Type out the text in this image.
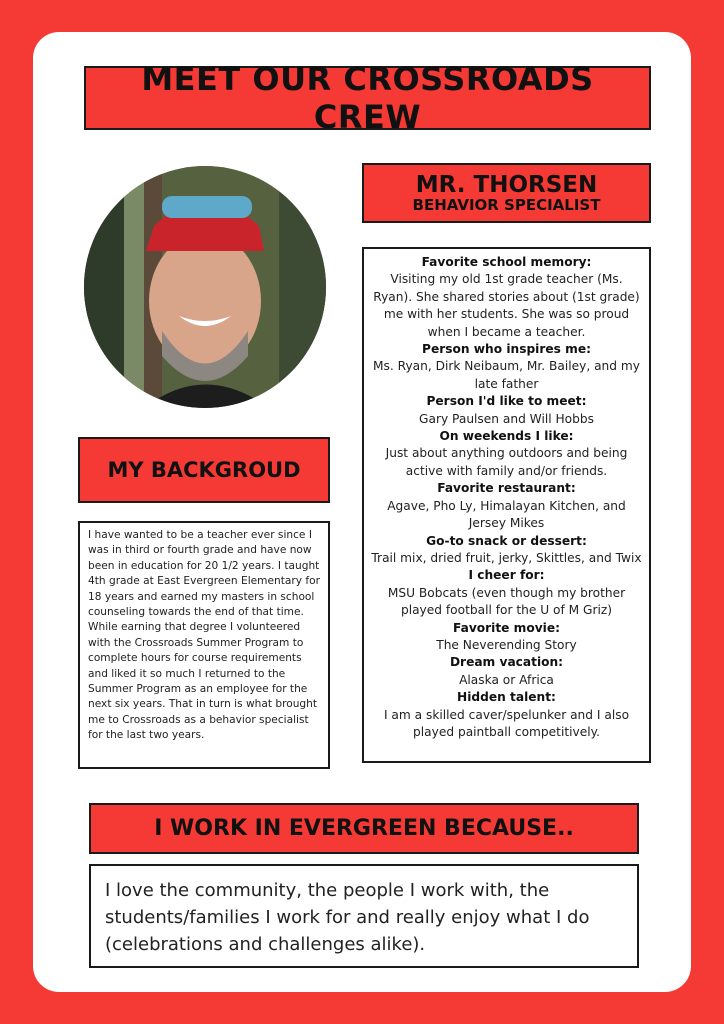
MEET OUR CROSSROADS CREW
MR. THORSEN
BEHAVIOR SPECIALIST
Favorite school memory:
Visiting my old 1st grade teacher (Ms. Ryan). She shared stories about (1st grade) me with her students. She was so proud when I became a teacher.
Person who inspires me:
Ms. Ryan, Dirk Neibaum, Mr. Bailey, and my late father
Person I'd like to meet:
Gary Paulsen and Will Hobbs
On weekends I like:
Just about anything outdoors and being active with family and/or friends.
Favorite restaurant:
Agave, Pho Ly, Himalayan Kitchen, and Jersey Mikes
Go-to snack or dessert:
Trail mix, dried fruit, jerky, Skittles, and Twix
I cheer for:
MSU Bobcats (even though my brother played football for the U of M Griz)
Favorite movie:
The Neverending Story
Dream vacation:
Alaska or Africa
Hidden talent:
I am a skilled caver/spelunker and I also played paintball competitively.
MY BACKGROUD
I have wanted to be a teacher ever since I was in third or fourth grade and have now been in education for 20 1/2 years. I taught 4th grade at East Evergreen Elementary for 18 years and earned my masters in school counseling towards the end of that time. While earning that degree I volunteered with the Crossroads Summer Program to complete hours for course requirements and liked it so much I returned to the Summer Program as an employee for the next six years. That in turn is what brought me to Crossroads as a behavior specialist for the last two years.
I WORK IN EVERGREEN BECAUSE..
I love the community, the people I work with, the students/families I work for and really enjoy what I do (celebrations and challenges alike).
